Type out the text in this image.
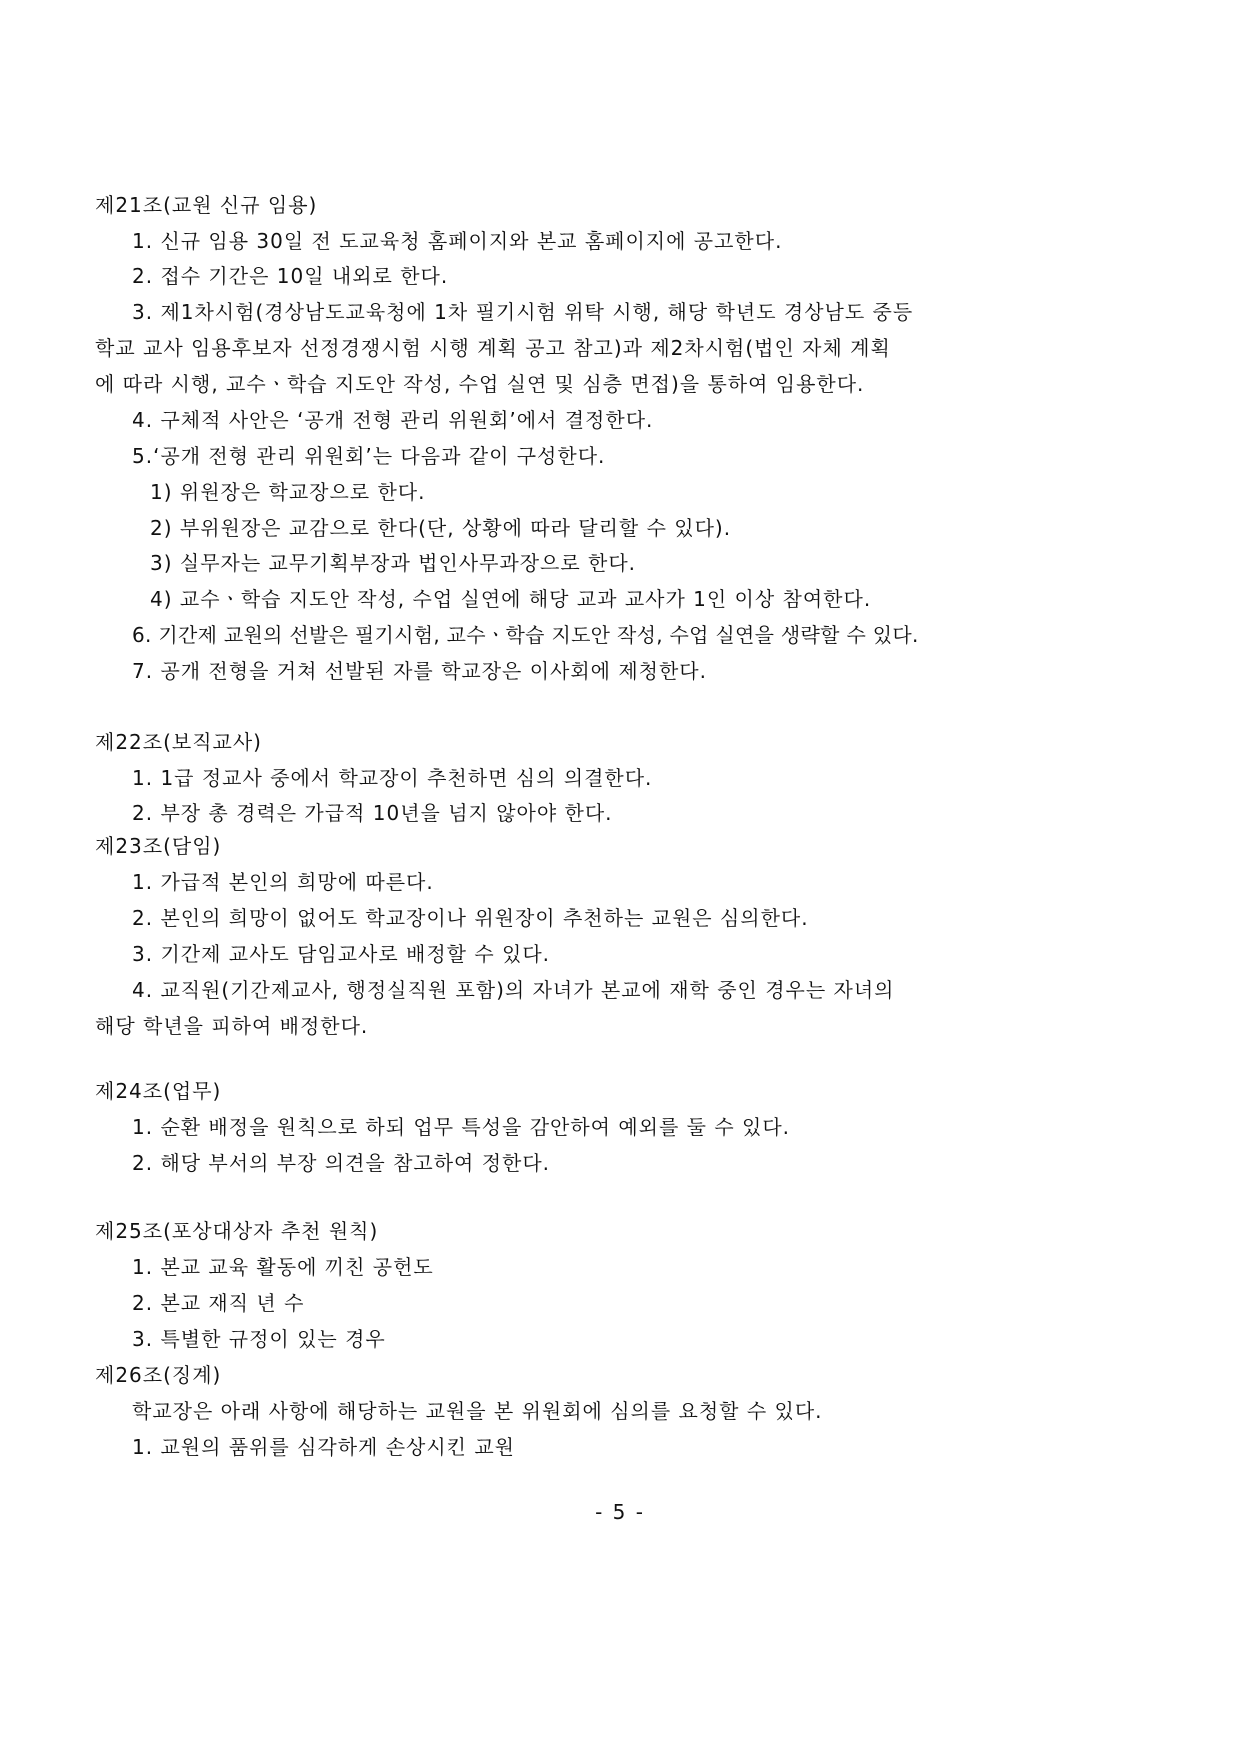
제21조(교원 신규 임용)
1. 신규 임용 30일 전 도교육청 홈페이지와 본교 홈페이지에 공고한다.
2. 접수 기간은 10일 내외로 한다.
3. 제1차시험(경상남도교육청에 1차 필기시험 위탁 시행, 해당 학년도 경상남도 중등
학교 교사 임용후보자 선정경쟁시험 시행 계획 공고 참고)과 제2차시험(법인 자체 계획
에 따라 시행, 교수ㆍ학습 지도안 작성, 수업 실연 및 심층 면접)을 통하여 임용한다.
4. 구체적 사안은 ‘공개 전형 관리 위원회’에서 결정한다.
5.‘공개 전형 관리 위원회’는 다음과 같이 구성한다.
1) 위원장은 학교장으로 한다.
2) 부위원장은 교감으로 한다(단, 상황에 따라 달리할 수 있다).
3) 실무자는 교무기획부장과 법인사무과장으로 한다.
4) 교수ㆍ학습 지도안 작성, 수업 실연에 해당 교과 교사가 1인 이상 참여한다.
6. 기간제 교원의 선발은 필기시험, 교수ㆍ학습 지도안 작성, 수업 실연을 생략할 수 있다.
7. 공개 전형을 거쳐 선발된 자를 학교장은 이사회에 제청한다.
제22조(보직교사)
1. 1급 정교사 중에서 학교장이 추천하면 심의 의결한다.
2. 부장 총 경력은 가급적 10년을 넘지 않아야 한다.
제23조(담임)
1. 가급적 본인의 희망에 따른다.
2. 본인의 희망이 없어도 학교장이나 위원장이 추천하는 교원은 심의한다.
3. 기간제 교사도 담임교사로 배정할 수 있다.
4. 교직원(기간제교사, 행정실직원 포함)의 자녀가 본교에 재학 중인 경우는 자녀의
해당 학년을 피하여 배정한다.
제24조(업무)
1. 순환 배정을 원칙으로 하되 업무 특성을 감안하여 예외를 둘 수 있다.
2. 해당 부서의 부장 의견을 참고하여 정한다.
제25조(포상대상자 추천 원칙)
1. 본교 교육 활동에 끼친 공헌도
2. 본교 재직 년 수
3. 특별한 규정이 있는 경우
제26조(징계)
학교장은 아래 사항에 해당하는 교원을 본 위원회에 심의를 요청할 수 있다.
1. 교원의 품위를 심각하게 손상시킨 교원
- 5 -
